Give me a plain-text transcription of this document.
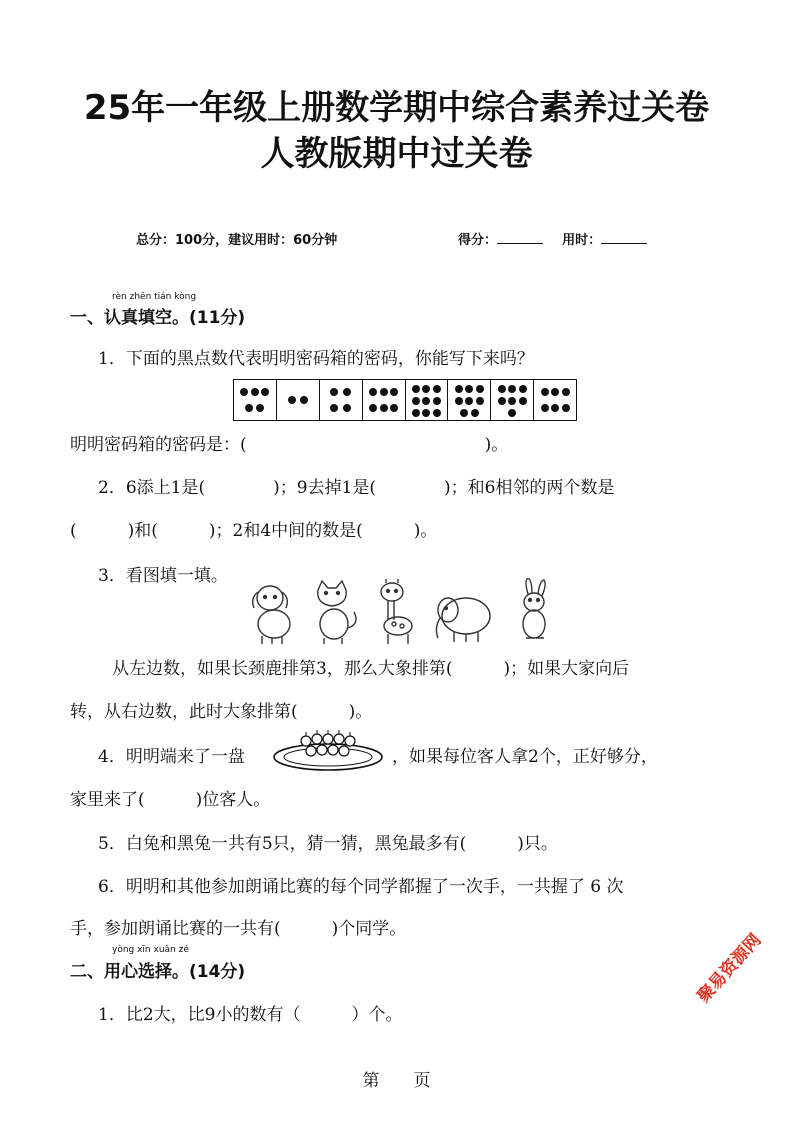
25年一年级上册数学期中综合素养过关卷
人教版期中过关卷
总分：100分，建议用时：60分钟	得分：	用时：
rèn zhēn tián kòng
一、认真填空。(11分)
1．下面的黑点数代表明明密码箱的密码，你能写下来吗？
明明密码箱的密码是：(　　　　　　　　　　　　　　)。
2．6添上1是(　　　　)；9去掉1是(　　　　)；和6相邻的两个数是
(　　　)和(　　　)；2和4中间的数是(　　　)。
3．看图填一填。
从左边数，如果长颈鹿排第3，那么大象排第(　　　)；如果大家向后
转，从右边数，此时大象排第(　　　)。
4．明明端来了一盘	，如果每位客人拿2个，正好够分，
家里来了(　　　)位客人。
5．白兔和黑兔一共有5只，猜一猜，黑兔最多有(　　　)只。
6．明明和其他参加朗诵比赛的每个同学都握了一次手，一共握了 6 次
手，参加朗诵比赛的一共有(　　　)个同学。
yòng xīn xuǎn zé
二、用心选择。(14分)
1．比2大，比9小的数有（　　　）个。
聚易资源网
第　　页
